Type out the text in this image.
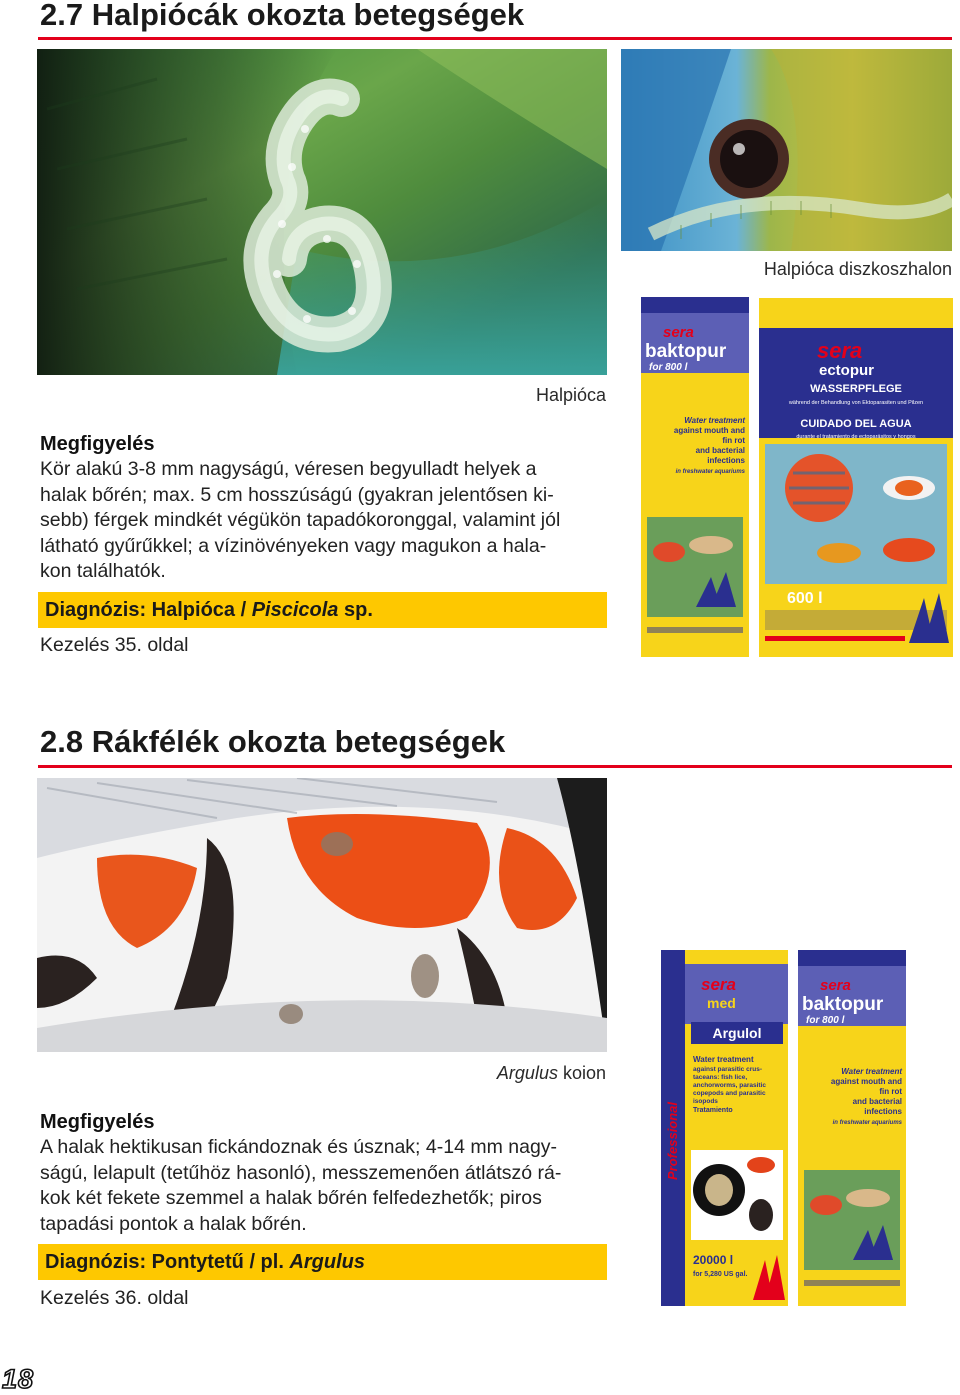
2.7 Halpiócák okozta betegségek
Halpióca
Halpióca diszkoszhalon
Megfigyelés
Kör alakú 3-8 mm nagyságú, véresen begyulladt helyek a
halak bőrén; max. 5 cm hosszúságú (gyakran jelentősen ki-
sebb) férgek mindkét végükön tapadókoronggal, valamint jól
látható gyűrűkkel; a vízinövényeken vagy magukon a hala-
kon találhatók.
Diagnózis: Halpióca / Piscicola sp.
Kezelés 35. oldal
sera
baktopur
for 800 l
Water treatment
against mouth and
fin rot
and bacterial
infections
in freshwater aquariums
sera
ectopur
WASSERPFLEGE
während der Behandlung von Ektoparasiten und Pilzen
CUIDADO DEL AGUA
durante el tratamiento de ectoparásitos y hongos
600 l
2.8 Rákfélék okozta betegségek
Argulus koion
Megfigyelés
A halak hektikusan fickándoznak és úsznak; 4-14 mm nagy-
ságú, lelapult (tetűhöz hasonló), messzemenően átlátszó rá-
kok két fekete szemmel a halak bőrén felfedezhetők; piros
tapadási pontok a halak bőrén.
Diagnózis: Pontytetű / pl. Argulus
Kezelés 36. oldal
Professional
sera
med
Argulol
Water treatment
against parasitic crus-
taceans: fish lice,
anchorworms, parasitic
copepods and parasitic
isopods
Tratamiento
20000 l
for 5,280 US gal.
sera
baktopur
for 800 l
Water treatment
against mouth and
fin rot
and bacterial
infections
in freshwater aquariums
18
